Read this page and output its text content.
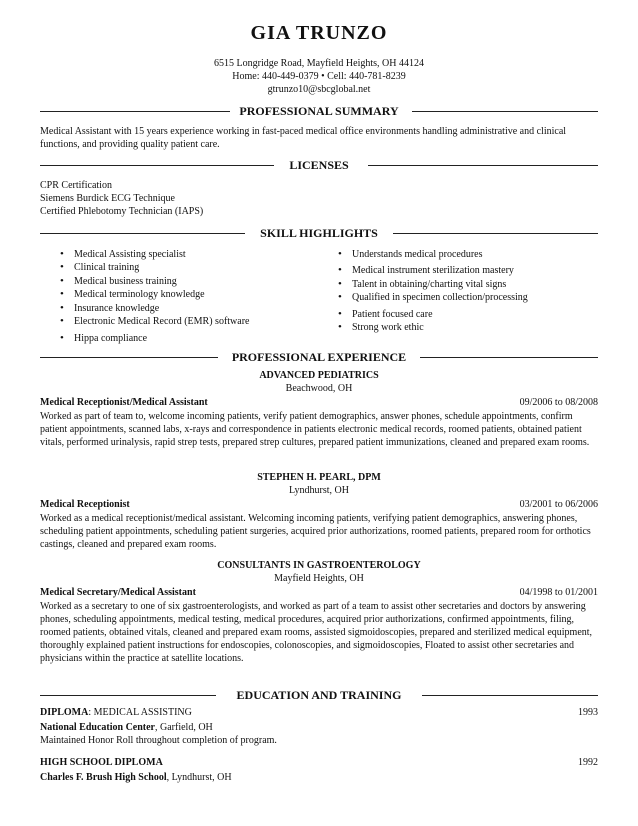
GIA TRUNZO
6515 Longridge Road, Mayfield Heights, OH 44124
Home: 440-449-0379 • Cell: 440-781-8239
gtrunzo10@sbcglobal.net
PROFESSIONAL SUMMARY
Medical Assistant with 15 years experience working in fast-paced medical office environments handling administrative and clinical functions, and providing quality patient care.
LICENSES
CPR Certification
Siemens Burdick ECG Technique
Certified Phlebotomy Technician (IAPS)
SKILL HIGHLIGHTS
• Medical Assisting specialist
• Clinical training
• Medical business training
• Medical terminology knowledge
• Insurance knowledge
• Electronic Medical Record (EMR) software
• Hippa compliance
• Understands medical procedures
• Medical instrument sterilization mastery
• Talent in obtaining/charting vital signs
• Qualified in specimen collection/processing
• Patient focused care
• Strong work ethic
PROFESSIONAL EXPERIENCE
ADVANCED PEDIATRICS
Beachwood, OH
Medical Receptionist/Medical Assistant	09/2006 to 08/2008
Worked as part of team to, welcome incoming patients, verify patient demographics, answer phones, schedule appointments, confirm patient appointments, scanned labs, x-rays and correspondence in patients electronic medical records, roomed patients, obtained patient vitals, performed urinalysis, rapid strep tests, prepared strep cultures, prepared patient immunizations, cleaned and prepared exam rooms.
STEPHEN H. PEARL, DPM
Lyndhurst, OH
Medical Receptionist	03/2001 to 06/2006
Worked as a medical receptionist/medical assistant. Welcoming incoming patients, verifying patient demographics, answering phones, scheduling patient appointments, scheduling patient surgeries, acquired prior authorizations, roomed patients, prepared room for orthotics castings, cleaned and prepared exam rooms.
CONSULTANTS IN GASTROENTEROLOGY
Mayfield Heights, OH
Medical Secretary/Medical Assistant	04/1998 to 01/2001
Worked as a secretary to one of six gastroenterologists, and worked as part of a team to assist other secretaries and doctors by answering phones, scheduling appointments, medical testing, medical procedures, acquired prior authorizations, confirmed appointments, filing, roomed patients, obtained vitals, cleaned and prepared exam rooms, assisted sigmoidoscopies, prepared and sterilized medical equipment, thoroughly explained patient instructions for endoscopies, colonoscopies, and sigmoidoscopies, Floated to assist other secretaries and physicians within the practice at satellite locations.
EDUCATION AND TRAINING
DIPLOMA: MEDICAL ASSISTING	1993
National Education Center, Garfield, OH
Maintained Honor Roll throughout completion of program.
HIGH SCHOOL DIPLOMA	1992
Charles F. Brush High School, Lyndhurst, OH
